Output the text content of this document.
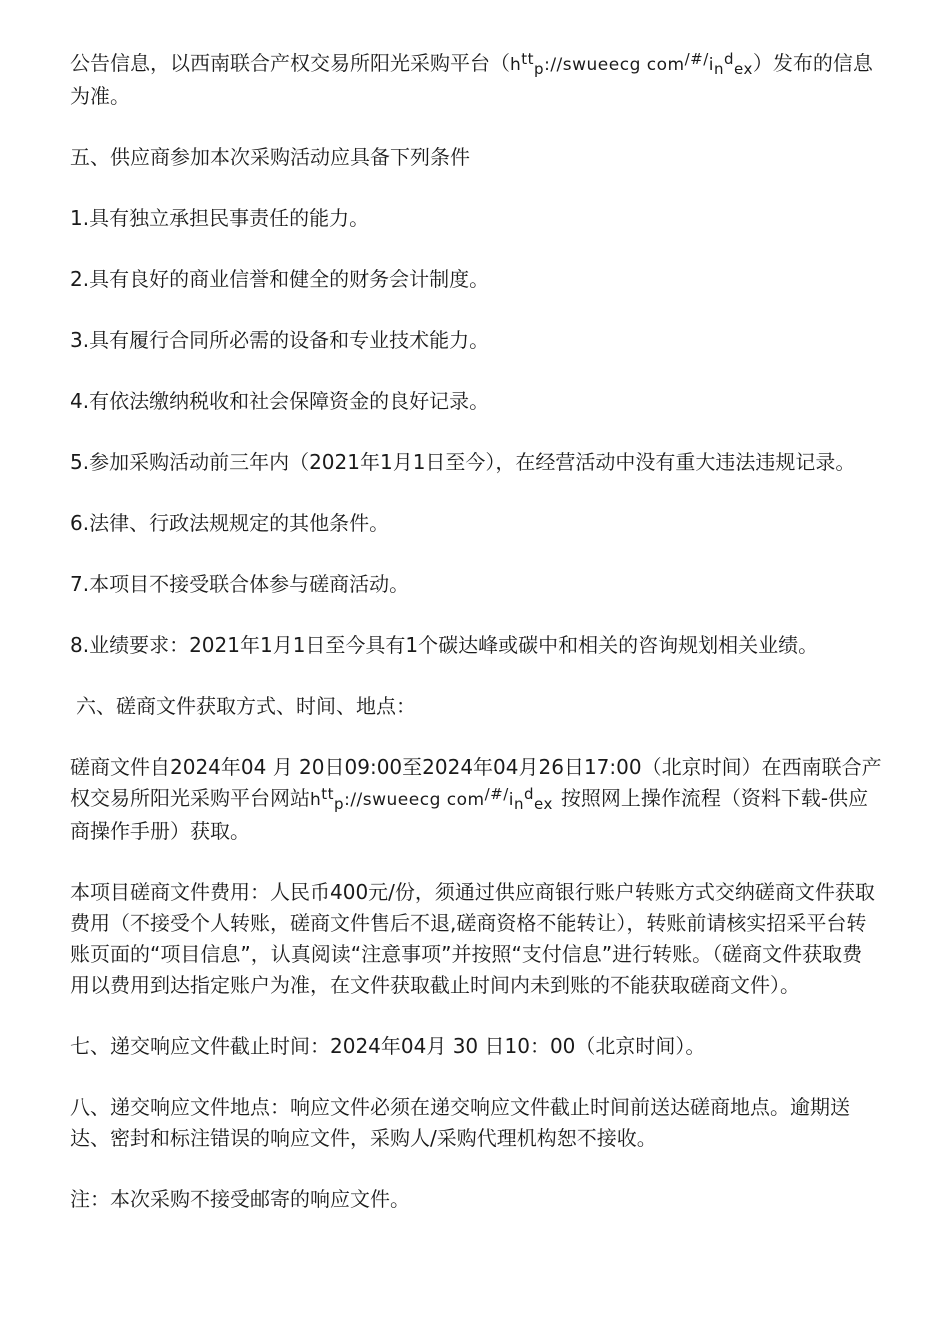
公告信息，以西南联合产权交易所阳光采购平台（http://swueecg com/#/index）发布的信息为准。

五、供应商参加本次采购活动应具备下列条件

1.具有独立承担民事责任的能力。

2.具有良好的商业信誉和健全的财务会计制度。

3.具有履行合同所必需的设备和专业技术能力。

4.有依法缴纳税收和社会保障资金的良好记录。

5.参加采购活动前三年内（2021年1月1日至今），在经营活动中没有重大违法违规记录。

6.法律、行政法规规定的其他条件。

7.本项目不接受联合体参与磋商活动。

8.业绩要求：2021年1月1日至今具有1个碳达峰或碳中和相关的咨询规划相关业绩。

六、磋商文件获取方式、时间、地点：

磋商文件自2024年04 月 20日09:00至2024年04月26日17:00（北京时间）在西南联合产权交易所阳光采购平台网站http://swueecg com/#/index 按照网上操作流程（资料下载-供应商操作手册）获取。

本项目磋商文件费用：人民币400元/份，须通过供应商银行账户转账方式交纳磋商文件获取费用（不接受个人转账，磋商文件售后不退,磋商资格不能转让），转账前请核实招采平台转账页面的“项目信息”，认真阅读“注意事项”并按照“支付信息”进行转账。（磋商文件获取费用以费用到达指定账户为准，在文件获取截止时间内未到账的不能获取磋商文件）。

七、递交响应文件截止时间：2024年04月 30 日10：00（北京时间）。

八、递交响应文件地点：响应文件必须在递交响应文件截止时间前送达磋商地点。逾期送达、密封和标注错误的响应文件，采购人/采购代理机构恕不接收。

注：本次采购不接受邮寄的响应文件。
